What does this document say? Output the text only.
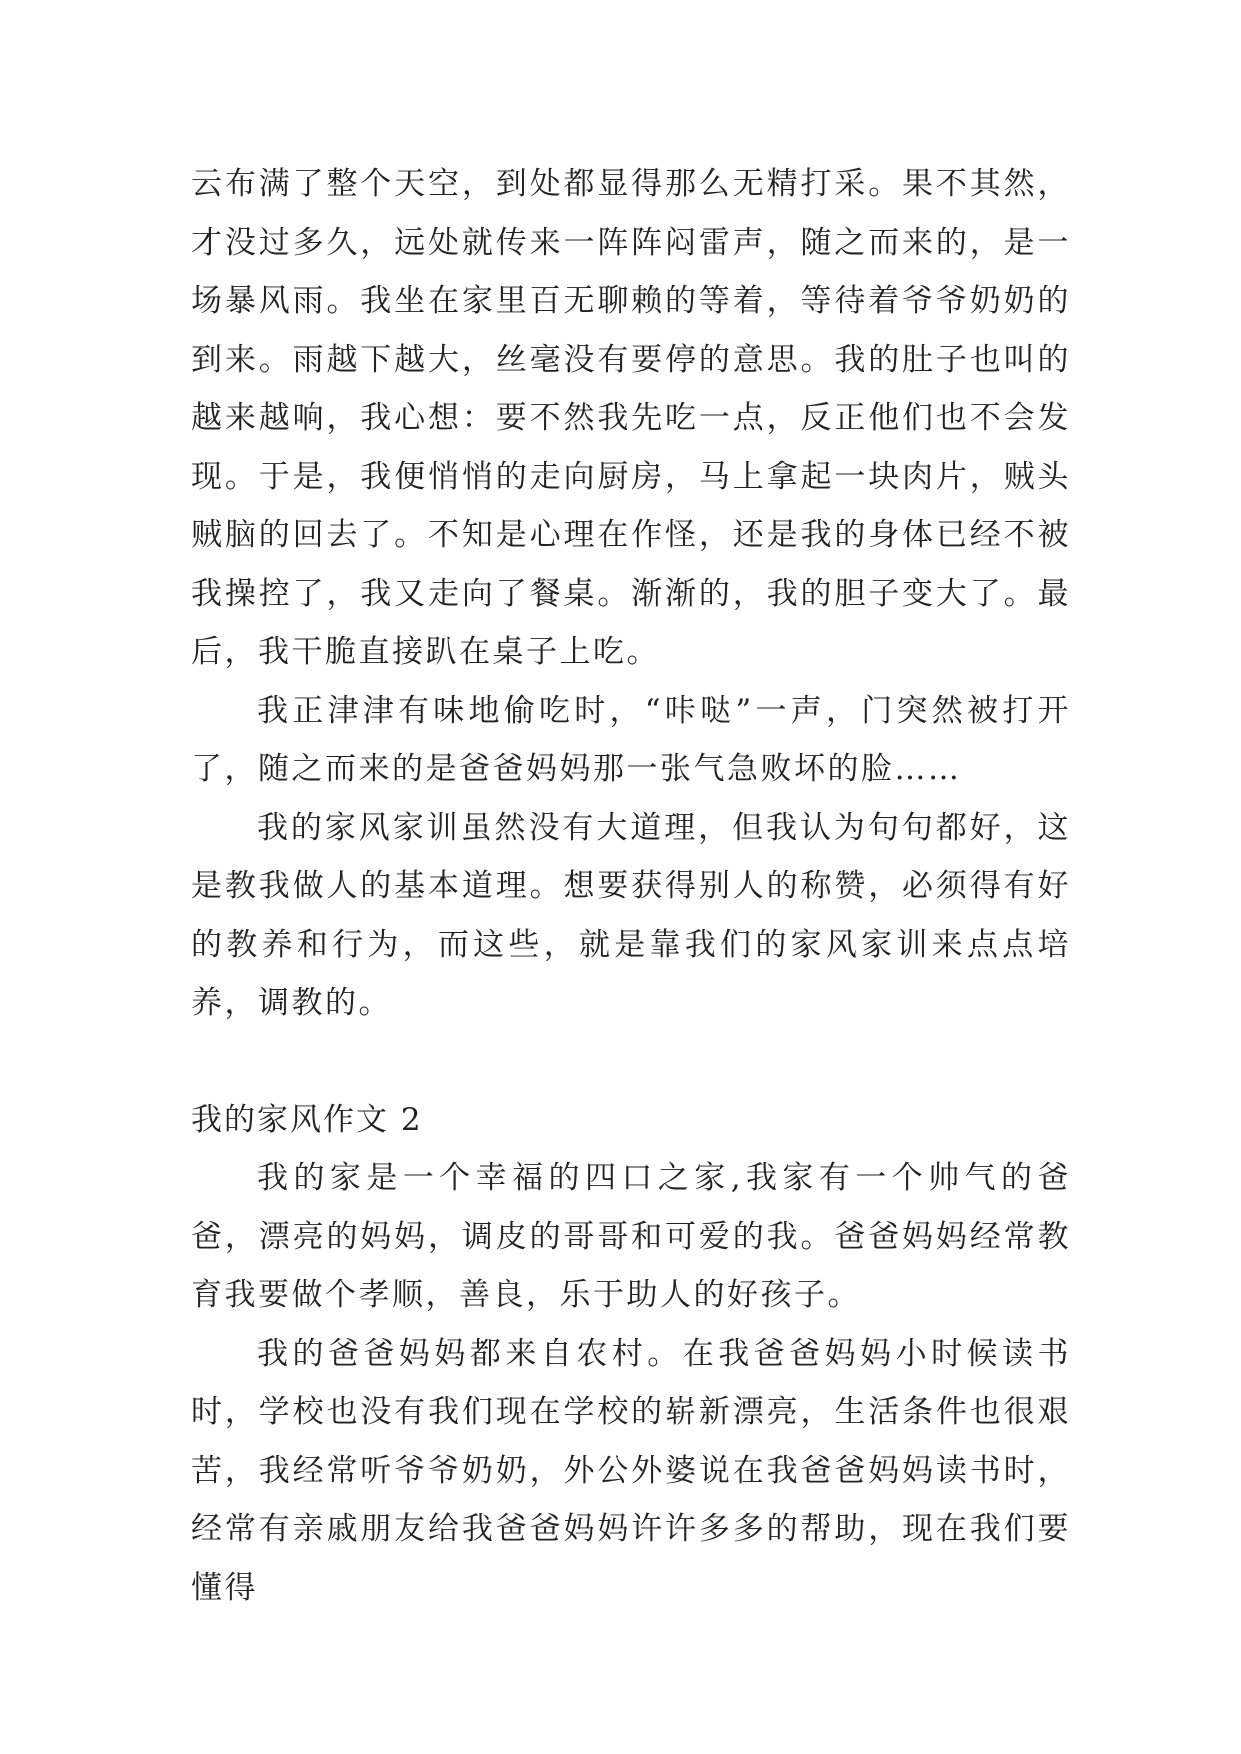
云布满了整个天空，到处都显得那么无精打采。果不其然，才没过多久，远处就传来一阵阵闷雷声，随之而来的，是一场暴风雨。我坐在家里百无聊赖的等着，等待着爷爷奶奶的到来。雨越下越大，丝毫没有要停的意思。我的肚子也叫的越来越响，我心想：要不然我先吃一点，反正他们也不会发现。于是，我便悄悄的走向厨房，马上拿起一块肉片，贼头贼脑的回去了。不知是心理在作怪，还是我的身体已经不被我操控了，我又走向了餐桌。渐渐的，我的胆子变大了。最后，我干脆直接趴在桌子上吃。

我正津津有味地偷吃时，“咔哒”一声，门突然被打开了，随之而来的是爸爸妈妈那一张气急败坏的脸……

我的家风家训虽然没有大道理，但我认为句句都好，这是教我做人的基本道理。想要获得别人的称赞，必须得有好的教养和行为，而这些，就是靠我们的家风家训来点点培养，调教的。

我的家风作文 2

我的家是一个幸福的四口之家,我家有一个帅气的爸爸，漂亮的妈妈，调皮的哥哥和可爱的我。爸爸妈妈经常教育我要做个孝顺，善良，乐于助人的好孩子。

我的爸爸妈妈都来自农村。在我爸爸妈妈小时候读书时，学校也没有我们现在学校的崭新漂亮，生活条件也很艰苦，我经常听爷爷奶奶，外公外婆说在我爸爸妈妈读书时，经常有亲戚朋友给我爸爸妈妈许许多多的帮助，现在我们要懂得
